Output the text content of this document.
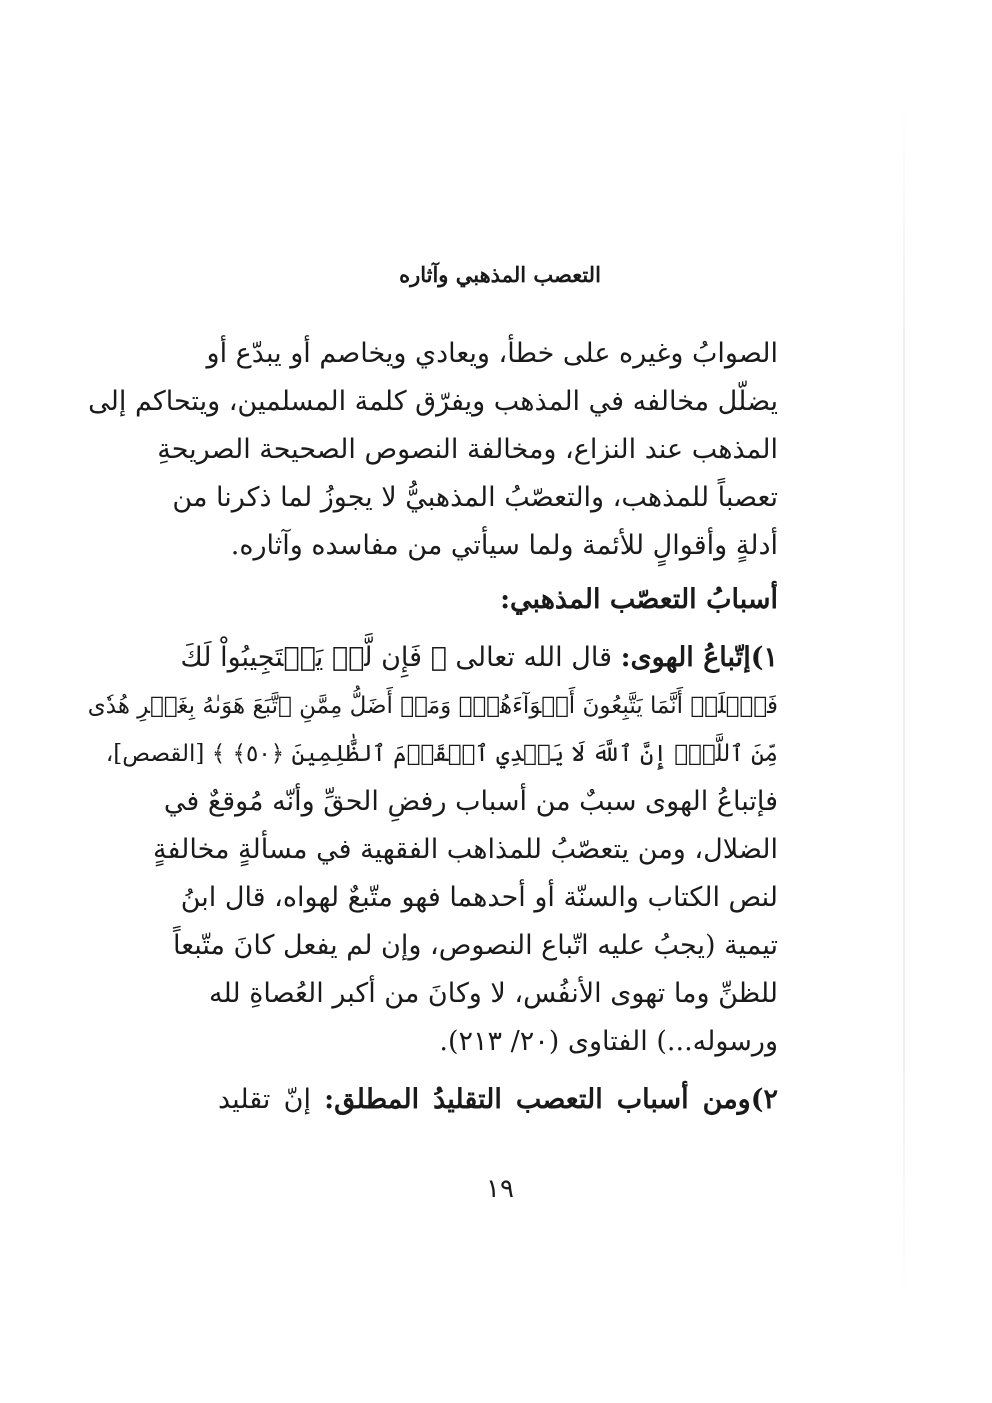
التعصب المذهبي وآثاره
الصوابُ وغيره على خطأ، ويعادي ويخاصم أو يبدّع أو
يضلّل مخالفه في المذهب ويفرّق كلمة المسلمين، ويتحاكم إلى
المذهب عند النزاع، ومخالفة النصوص الصحيحة الصريحةِ
تعصباً للمذهب، والتعصّبُ المذهبيُّ لا يجوزُ لما ذكرنا من
أدلةٍ وأقوالٍ للأئمة ولما سيأتي من مفاسده وآثاره.
أسبابُ التعصّب المذهبي:
١)إتّباعُ الهوى: قال الله تعالى ﴿ فَإِن لَّمۡ يَسۡتَجِيبُواْ لَكَ
فَٱعۡلَمۡ أَنَّمَا يَتَّبِعُونَ أَهۡوَآءَهُمۡۚ وَمَنۡ أَضَلُّ مِمَّنِ ٱتَّبَعَ هَوَىٰهُ بِغَيۡرِ هُدٗى
مِّنَ ٱللَّهِۚ إِنَّ ٱللَّهَ لَا يَهۡدِي ٱلۡقَوۡمَ ٱلظَّٰلِمِينَ ﴿٥٠﴾ ﴾ [القصص]،
فإتباعُ الهوى سببٌ من أسباب رفضِ الحقِّ وأنّه مُوقعٌ في
الضلال، ومن يتعصّبُ للمذاهب الفقهية في مسألةٍ مخالفةٍ
لنص الكتاب والسنّة أو أحدهما فهو متّبعٌ لهواه، قال ابنُ
تيمية (يجبُ عليه اتّباع النصوص، وإن لم يفعل كانَ متّبعاً
للظنِّ وما تهوى الأنفُس، لا وكانَ من أكبر العُصاةِ لله
ورسوله...) الفتاوى (٢٠/ ٢١٣).
٢)ومن أسباب التعصب التقليدُ المطلق: إنّ تقليد
١٩
